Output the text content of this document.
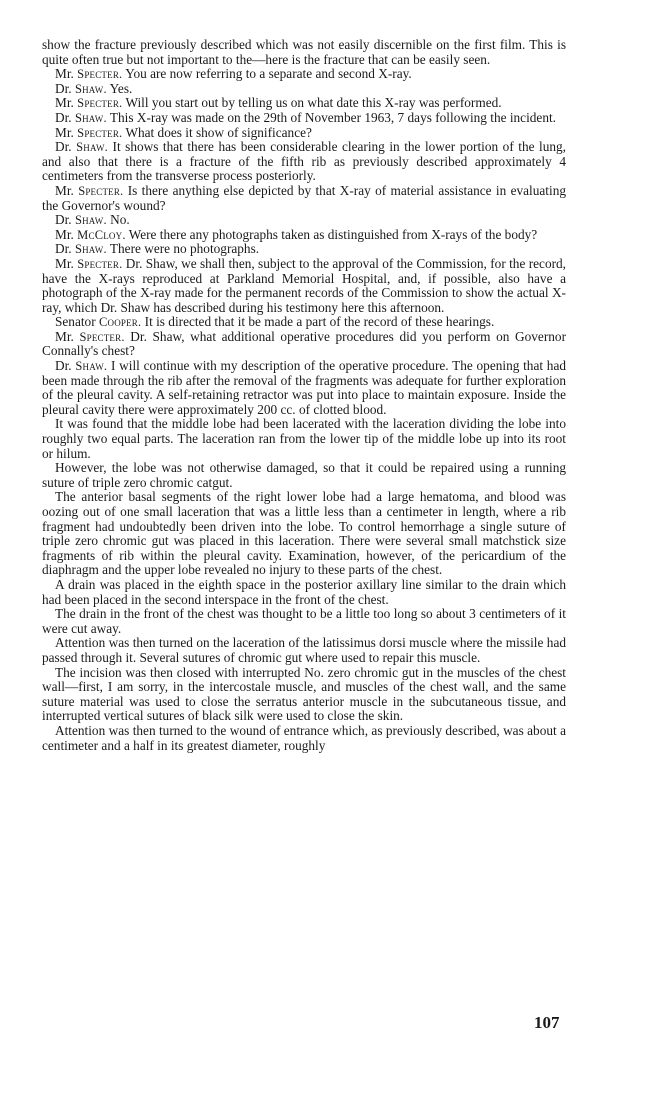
show the fracture previously described which was not easily discernible on the first film. This is quite often true but not important to the—here is the fracture that can be easily seen.

Mr. Specter. You are now referring to a separate and second X-ray.

Dr. Shaw. Yes.

Mr. Specter. Will you start out by telling us on what date this X-ray was performed.

Dr. Shaw. This X-ray was made on the 29th of November 1963, 7 days following the incident.

Mr. Specter. What does it show of significance?

Dr. Shaw. It shows that there has been considerable clearing in the lower portion of the lung, and also that there is a fracture of the fifth rib as previously described approximately 4 centimeters from the transverse process posteriorly.

Mr. Specter. Is there anything else depicted by that X-ray of material assistance in evaluating the Governor's wound?

Dr. Shaw. No.

Mr. McCloy. Were there any photographs taken as distinguished from X-rays of the body?

Dr. Shaw. There were no photographs.

Mr. Specter. Dr. Shaw, we shall then, subject to the approval of the Commission, for the record, have the X-rays reproduced at Parkland Memorial Hospital, and, if possible, also have a photograph of the X-ray made for the permanent records of the Commission to show the actual X-ray, which Dr. Shaw has described during his testimony here this afternoon.

Senator Cooper. It is directed that it be made a part of the record of these hearings.

Mr. Specter. Dr. Shaw, what additional operative procedures did you perform on Governor Connally's chest?

Dr. Shaw. I will continue with my description of the operative procedure. The opening that had been made through the rib after the removal of the fragments was adequate for further exploration of the pleural cavity. A self-retaining retractor was put into place to maintain exposure. Inside the pleural cavity there were approximately 200 cc. of clotted blood.

It was found that the middle lobe had been lacerated with the laceration dividing the lobe into roughly two equal parts. The laceration ran from the lower tip of the middle lobe up into its root or hilum.

However, the lobe was not otherwise damaged, so that it could be repaired using a running suture of triple zero chromic catgut.

The anterior basal segments of the right lower lobe had a large hematoma, and blood was oozing out of one small laceration that was a little less than a centimeter in length, where a rib fragment had undoubtedly been driven into the lobe. To control hemorrhage a single suture of triple zero chromic gut was placed in this laceration. There were several small matchstick size fragments of rib within the pleural cavity. Examination, however, of the pericardium of the diaphragm and the upper lobe revealed no injury to these parts of the chest.

A drain was placed in the eighth space in the posterior axillary line similar to the drain which had been placed in the second interspace in the front of the chest.

The drain in the front of the chest was thought to be a little too long so about 3 centimeters of it were cut away.

Attention was then turned on the laceration of the latissimus dorsi muscle where the missile had passed through it. Several sutures of chromic gut where used to repair this muscle.

The incision was then closed with interrupted No. zero chromic gut in the muscles of the chest wall—first, I am sorry, in the intercostale muscle, and muscles of the chest wall, and the same suture material was used to close the serratus anterior muscle in the subcutaneous tissue, and interrupted vertical sutures of black silk were used to close the skin.

Attention was then turned to the wound of entrance which, as previously described, was about a centimeter and a half in its greatest diameter, roughly

107
